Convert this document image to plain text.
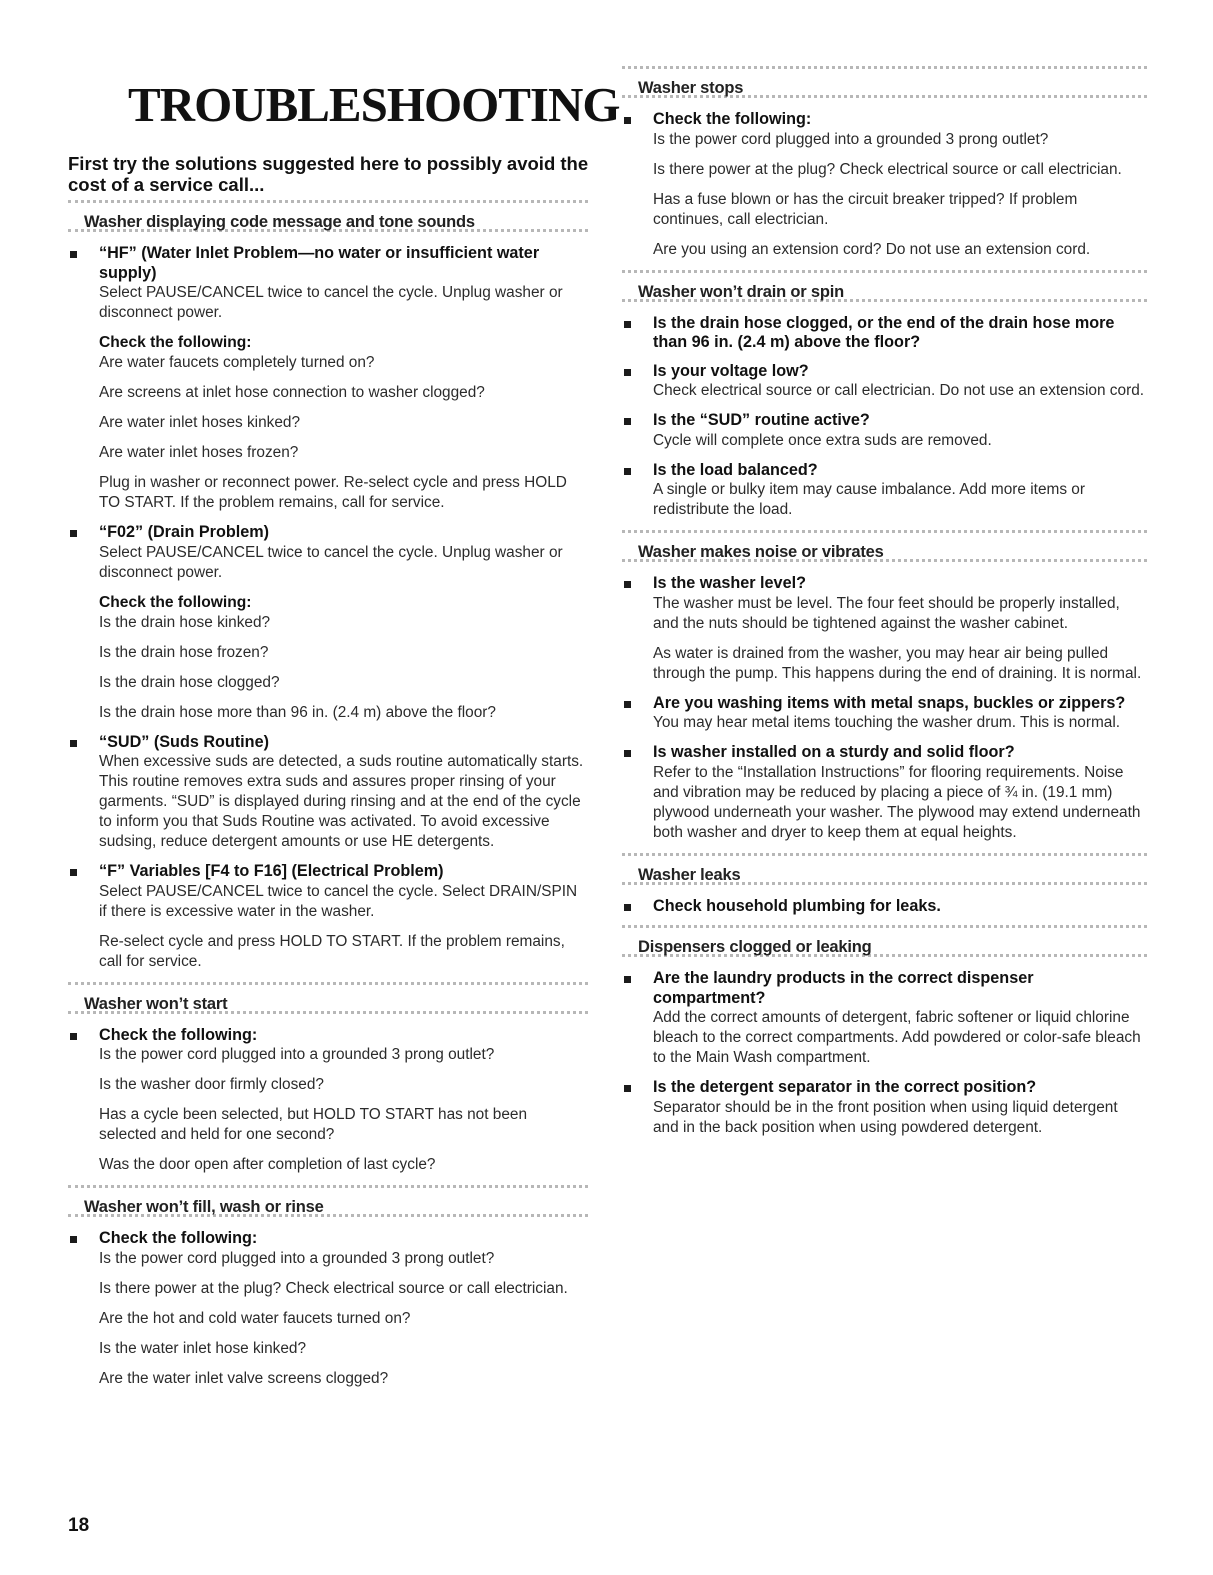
TROUBLESHOOTING

First try the solutions suggested here to possibly avoid the cost of a service call...

Washer displaying code message and tone sounds
“HF” (Water Inlet Problem—no water or insufficient water supply)

Select PAUSE/CANCEL twice to cancel the cycle. Unplug washer or disconnect power.

Check the following:
Are water faucets completely turned on?

Are screens at inlet hose connection to washer clogged?

Are water inlet hoses kinked?

Are water inlet hoses frozen?

Plug in washer or reconnect power. Re-select cycle and press HOLD TO START. If the problem remains, call for service.

“F02” (Drain Problem)

Select PAUSE/CANCEL twice to cancel the cycle. Unplug washer or disconnect power.

Check the following:
Is the drain hose kinked?

Is the drain hose frozen?

Is the drain hose clogged?

Is the drain hose more than 96 in. (2.4 m) above the floor?

“SUD” (Suds Routine)

When excessive suds are detected, a suds routine automatically starts. This routine removes extra suds and assures proper rinsing of your garments. “SUD” is displayed during rinsing and at the end of the cycle to inform you that Suds Routine was activated. To avoid excessive sudsing, reduce detergent amounts or use HE detergents.

“F” Variables [F4 to F16] (Electrical Problem)

Select PAUSE/CANCEL twice to cancel the cycle. Select DRAIN/SPIN if there is excessive water in the washer.

Re-select cycle and press HOLD TO START. If the problem remains, call for service.

Washer won’t start
Check the following:

Is the power cord plugged into a grounded 3 prong outlet?

Is the washer door firmly closed?

Has a cycle been selected, but HOLD TO START has not been selected and held for one second?

Was the door open after completion of last cycle?

Washer won’t fill, wash or rinse
Check the following:

Is the power cord plugged into a grounded 3 prong outlet?

Is there power at the plug? Check electrical source or call electrician.

Are the hot and cold water faucets turned on?

Is the water inlet hose kinked?

Are the water inlet valve screens clogged?

Washer stops
Check the following:

Is the power cord plugged into a grounded 3 prong outlet?

Is there power at the plug? Check electrical source or call electrician.

Has a fuse blown or has the circuit breaker tripped? If problem continues, call electrician.

Are you using an extension cord? Do not use an extension cord.

Washer won’t drain or spin
Is the drain hose clogged, or the end of the drain hose more than 96 in. (2.4 m) above the floor?
Is your voltage low?

Check electrical source or call electrician. Do not use an extension cord.

Is the “SUD” routine active?

Cycle will complete once extra suds are removed.

Is the load balanced?

A single or bulky item may cause imbalance. Add more items or redistribute the load.

Washer makes noise or vibrates
Is the washer level?

The washer must be level. The four feet should be properly installed, and the nuts should be tightened against the washer cabinet.

As water is drained from the washer, you may hear air being pulled through the pump. This happens during the end of draining. It is normal.

Are you washing items with metal snaps, buckles or zippers?

You may hear metal items touching the washer drum. This is normal.

Is washer installed on a sturdy and solid floor?

Refer to the “Installation Instructions” for flooring requirements. Noise and vibration may be reduced by placing a piece of ¾ in. (19.1 mm) plywood underneath your washer. The plywood may extend underneath both washer and dryer to keep them at equal heights.

Washer leaks
Check household plumbing for leaks.
Dispensers clogged or leaking
Are the laundry products in the correct dispenser compartment?

Add the correct amounts of detergent, fabric softener or liquid chlorine bleach to the correct compartments. Add powdered or color-safe bleach to the Main Wash compartment.

Is the detergent separator in the correct position?

Separator should be in the front position when using liquid detergent and in the back position when using powdered detergent.

18
